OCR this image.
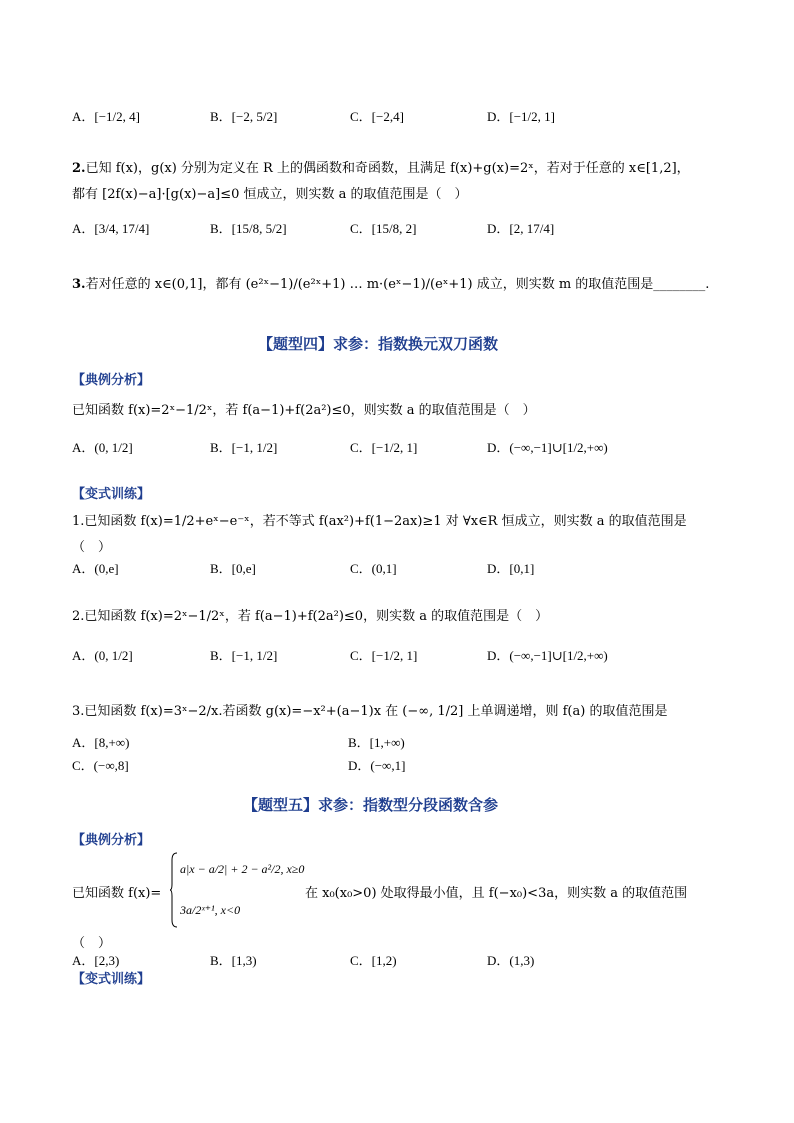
A．[−1/2, 4]	B．[−2, 5/2]	C．[−2,4]	D．[−1/2, 1]
2.已知 f(x)，g(x) 分别为定义在 R 上的偶函数和奇函数，且满足 f(x)+g(x)=2ˣ，若对于任意的 x∈[1,2]，
都有 [2f(x)−a]·[g(x)−a]≤0 恒成立，则实数 a 的取值范围是（　）
A．[3/4, 17/4]	B．[15/8, 5/2]	C．[15/8, 2]	D．[2, 17/4]
3.若对任意的 x∈(0,1]，都有 (e²ˣ−1)/(e²ˣ+1) … m·(eˣ−1)/(eˣ+1) 成立，则实数 m 的取值范围是________.
【题型四】求参：指数换元双刀函数
【典例分析】
已知函数 f(x)=2ˣ−1/2ˣ，若 f(a−1)+f(2a²)≤0，则实数 a 的取值范围是（　）
A．(0, 1/2]	B．[−1, 1/2]	C．[−1/2, 1]	D．(−∞,−1]∪[1/2,+∞)
【变式训练】
1.已知函数 f(x)=1/2+eˣ−e⁻ˣ，若不等式 f(ax²)+f(1−2ax)≥1 对 ∀x∈R 恒成立，则实数 a 的取值范围是
（　）
A．(0,e]	B．[0,e]	C．(0,1]	D．[0,1]
2.已知函数 f(x)=2ˣ−1/2ˣ，若 f(a−1)+f(2a²)≤0，则实数 a 的取值范围是（　）
A．(0, 1/2]	B．[−1, 1/2]	C．[−1/2, 1]	D．(−∞,−1]∪[1/2,+∞)
3.已知函数 f(x)=3ˣ−2/x.若函数 g(x)=−x²+(a−1)x 在 (−∞, 1/2] 上单调递增，则 f(a) 的取值范围是
A．[8,+∞)	B．[1,+∞)
C．(−∞,8]	D．(−∞,1]
【题型五】求参：指数型分段函数含参
【典例分析】
已知函数 f(x)=
a|x − a/2| + 2 − a²/2, x≥0
3a/2ˣ⁺¹, x<0
在 x₀(x₀>0) 处取得最小值，且 f(−x₀)<3a，则实数 a 的取值范围
（　）
A．[2,3)	B．[1,3)	C．[1,2)	D．(1,3)
【变式训练】
